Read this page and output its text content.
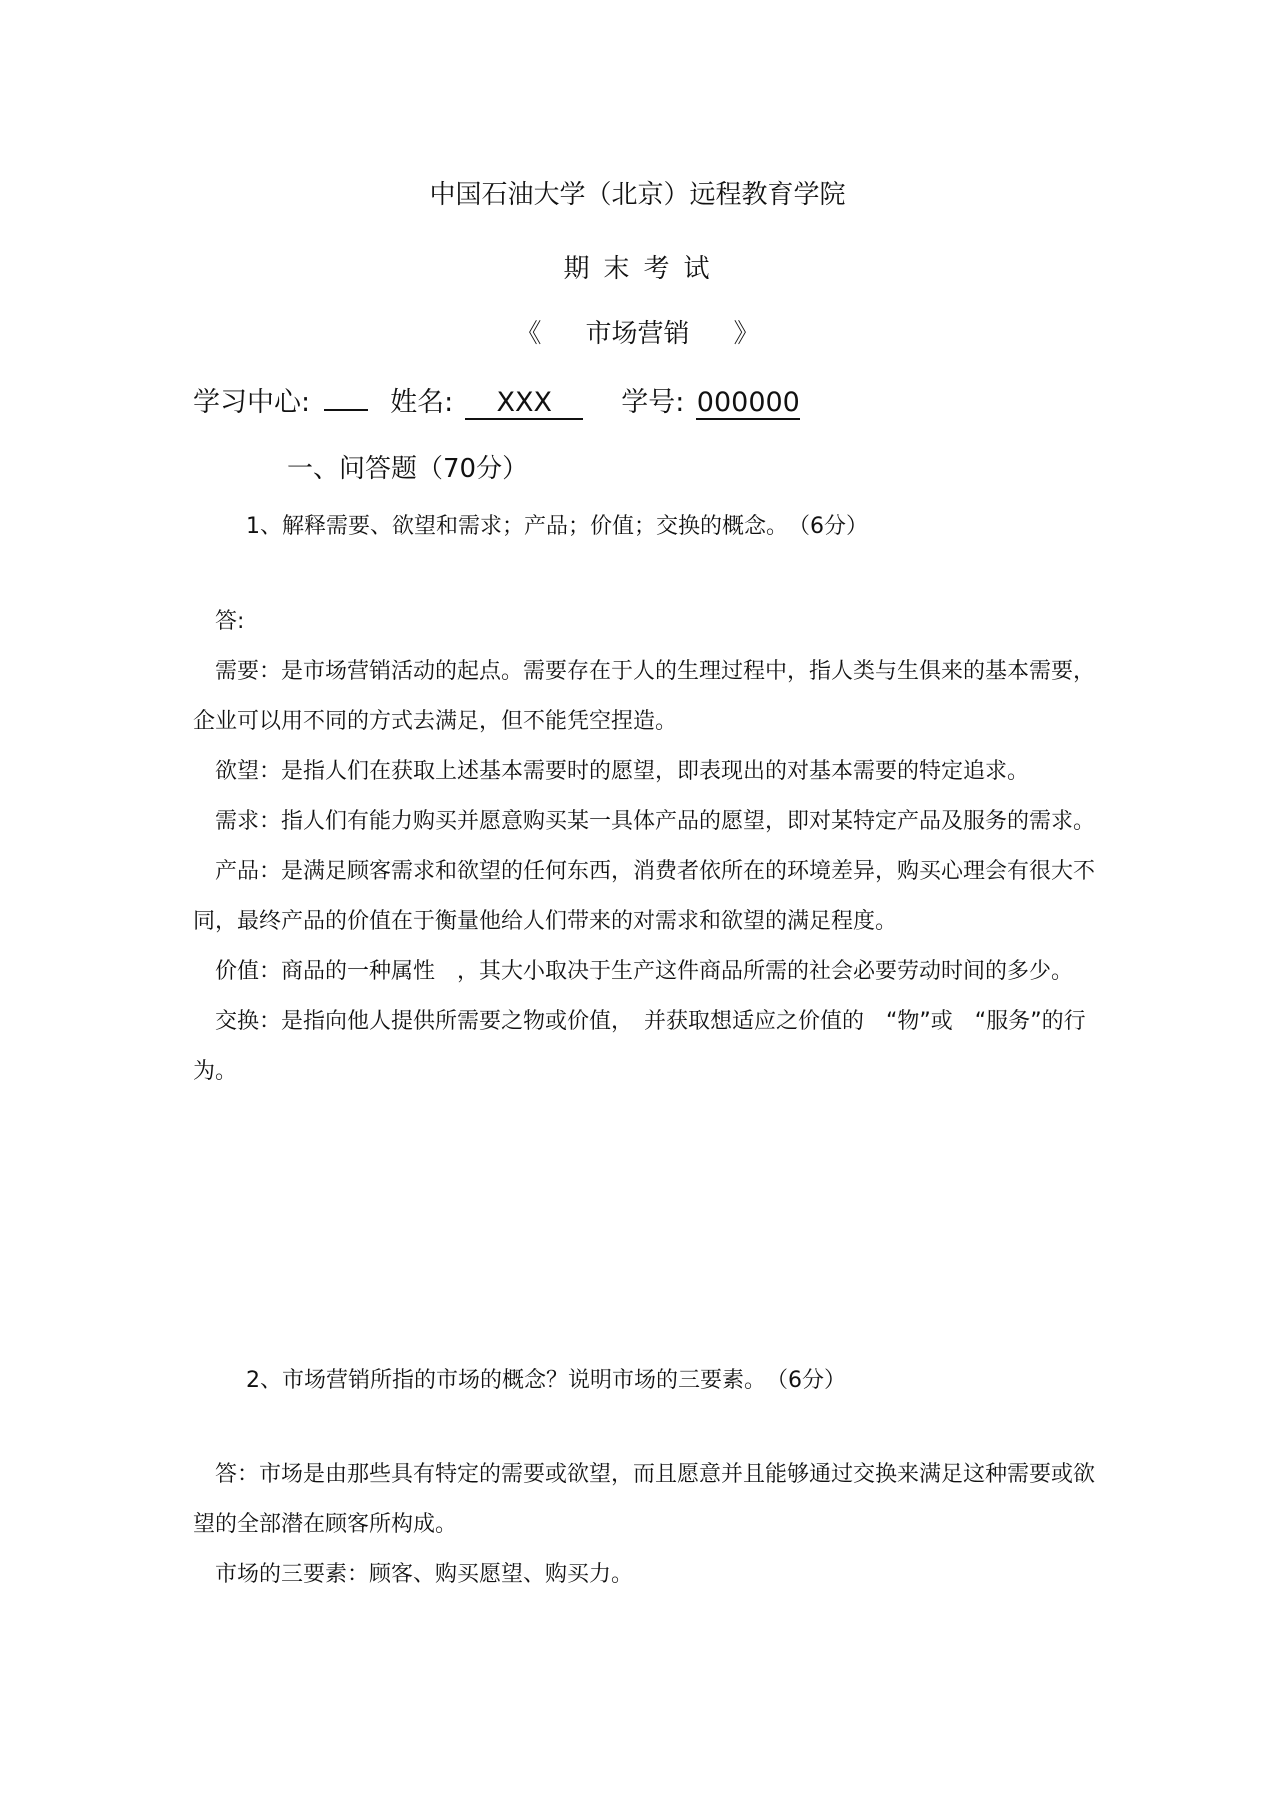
中国石油大学（北京）远程教育学院
期末考试
《 市场营销 》
学习中心:	姓名: XXX	学号: 000000
一、问答题（70分）
1、解释需要、欲望和需求；产品；价值；交换的概念。　（6分）

答:

需要：是市场营销活动的起点。需要存在于人的生理过程中，指人类与生俱来的基本需要，企业可以用不同的方式去满足，但不能凭空捏造。

欲望：是指人们在获取上述基本需要时的愿望，即表现出的对基本需要的特定追求。

需求：指人们有能力购买并愿意购买某一具体产品的愿望，即对某特定产品及服务的需求。

产品：是满足顾客需求和欲望的任何东西，消费者依所在的环境差异，购买心理会有很大不同，最终产品的价值在于衡量他给人们带来的对需求和欲望的满足程度。

价值：商品的一种属性　，其大小取决于生产这件商品所需的社会必要劳动时间的多少。

交换：是指向他人提供所需要之物或价值，　并获取想适应之价值的　“物”或　“服务”的行为。

2、市场营销所指的市场的概念？说明市场的三要素。　（6分）

答：市场是由那些具有特定的需要或欲望，而且愿意并且能够通过交换来满足这种需要或欲望的全部潜在顾客所构成。

市场的三要素：顾客、购买愿望、购买力。
